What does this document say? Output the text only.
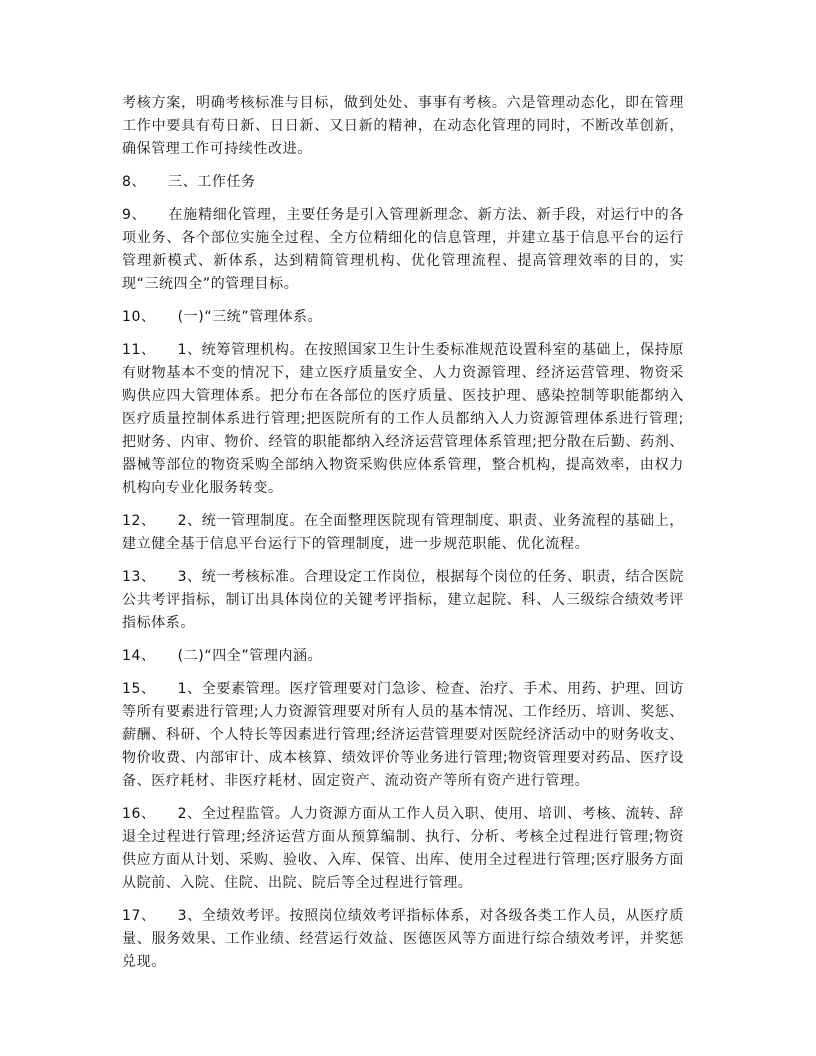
考核方案，明确考核标准与目标，做到处处、事事有考核。六是管理动态化，即在管理工作中要具有苟日新、日日新、又日新的精神，在动态化管理的同时，不断改革创新，确保管理工作可持续性改进。

8、 三、工作任务

9、 在施精细化管理，主要任务是引入管理新理念、新方法、新手段，对运行中的各项业务、各个部位实施全过程、全方位精细化的信息管理，并建立基于信息平台的运行管理新模式、新体系，达到精简管理机构、优化管理流程、提高管理效率的目的，实现“三统四全”的管理目标。

10、 (一)“三统”管理体系。

11、 1、统筹管理机构。在按照国家卫生计生委标准规范设置科室的基础上，保持原有财物基本不变的情况下，建立医疗质量安全、人力资源管理、经济运营管理、物资采购供应四大管理体系。把分布在各部位的医疗质量、医技护理、感染控制等职能都纳入医疗质量控制体系进行管理;把医院所有的工作人员都纳入人力资源管理体系进行管理;把财务、内审、物价、经管的职能都纳入经济运营管理体系管理;把分散在后勤、药剂、器械等部位的物资采购全部纳入物资采购供应体系管理，整合机构，提高效率，由权力机构向专业化服务转变。

12、 2、统一管理制度。在全面整理医院现有管理制度、职责、业务流程的基础上，建立健全基于信息平台运行下的管理制度，进一步规范职能、优化流程。

13、 3、统一考核标准。合理设定工作岗位，根据每个岗位的任务、职责，结合医院公共考评指标，制订出具体岗位的关键考评指标，建立起院、科、人三级综合绩效考评指标体系。

14、 (二)“四全”管理内涵。

15、 1、全要素管理。医疗管理要对门急诊、检查、治疗、手术、用药、护理、回访等所有要素进行管理;人力资源管理要对所有人员的基本情况、工作经历、培训、奖惩、薪酬、科研、个人特长等因素进行管理;经济运营管理要对医院经济活动中的财务收支、物价收费、内部审计、成本核算、绩效评价等业务进行管理;物资管理要对药品、医疗设备、医疗耗材、非医疗耗材、固定资产、流动资产等所有资产进行管理。

16、 2、全过程监管。人力资源方面从工作人员入职、使用、培训、考核、流转、辞退全过程进行管理;经济运营方面从预算编制、执行、分析、考核全过程进行管理;物资供应方面从计划、采购、验收、入库、保管、出库、使用全过程进行管理;医疗服务方面从院前、入院、住院、出院、院后等全过程进行管理。

17、 3、全绩效考评。按照岗位绩效考评指标体系，对各级各类工作人员，从医疗质量、服务效果、工作业绩、经营运行效益、医德医风等方面进行综合绩效考评，并奖惩兑现。
